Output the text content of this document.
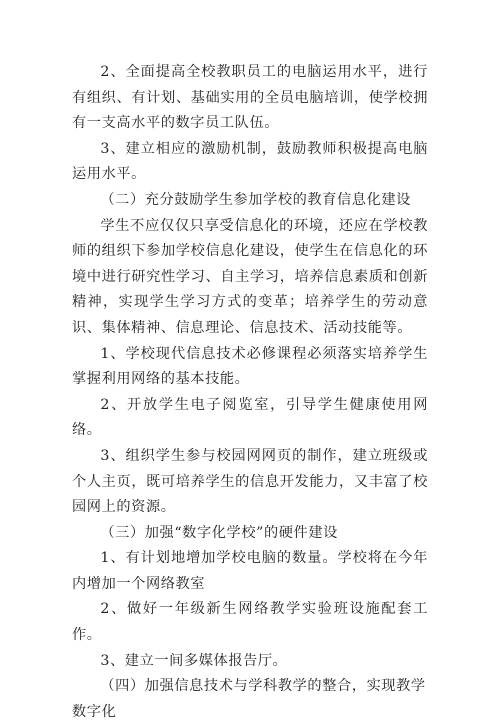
2、全面提高全校教职员工的电脑运用水平，进行有组织、有计划、基础实用的全员电脑培训，使学校拥有一支高水平的数字员工队伍。

3、建立相应的激励机制，鼓励教师积极提高电脑运用水平。

（二）充分鼓励学生参加学校的教育信息化建设

学生不应仅仅只享受信息化的环境，还应在学校教师的组织下参加学校信息化建设，使学生在信息化的环境中进行研究性学习、自主学习，培养信息素质和创新精神，实现学生学习方式的变革；培养学生的劳动意识、集体精神、信息理论、信息技术、活动技能等。

1、学校现代信息技术必修课程必须落实培养学生掌握利用网络的基本技能。

2、开放学生电子阅览室，引导学生健康使用网络。

3、组织学生参与校园网网页的制作，建立班级或个人主页，既可培养学生的信息开发能力，又丰富了校园网上的资源。

（三）加强“数字化学校”的硬件建设

1、有计划地增加学校电脑的数量。学校将在今年内增加一个网络教室

2、做好一年级新生网络教学实验班设施配套工作。

3、建立一间多媒体报告厅。

（四）加强信息技术与学科教学的整合，实现教学数字化
